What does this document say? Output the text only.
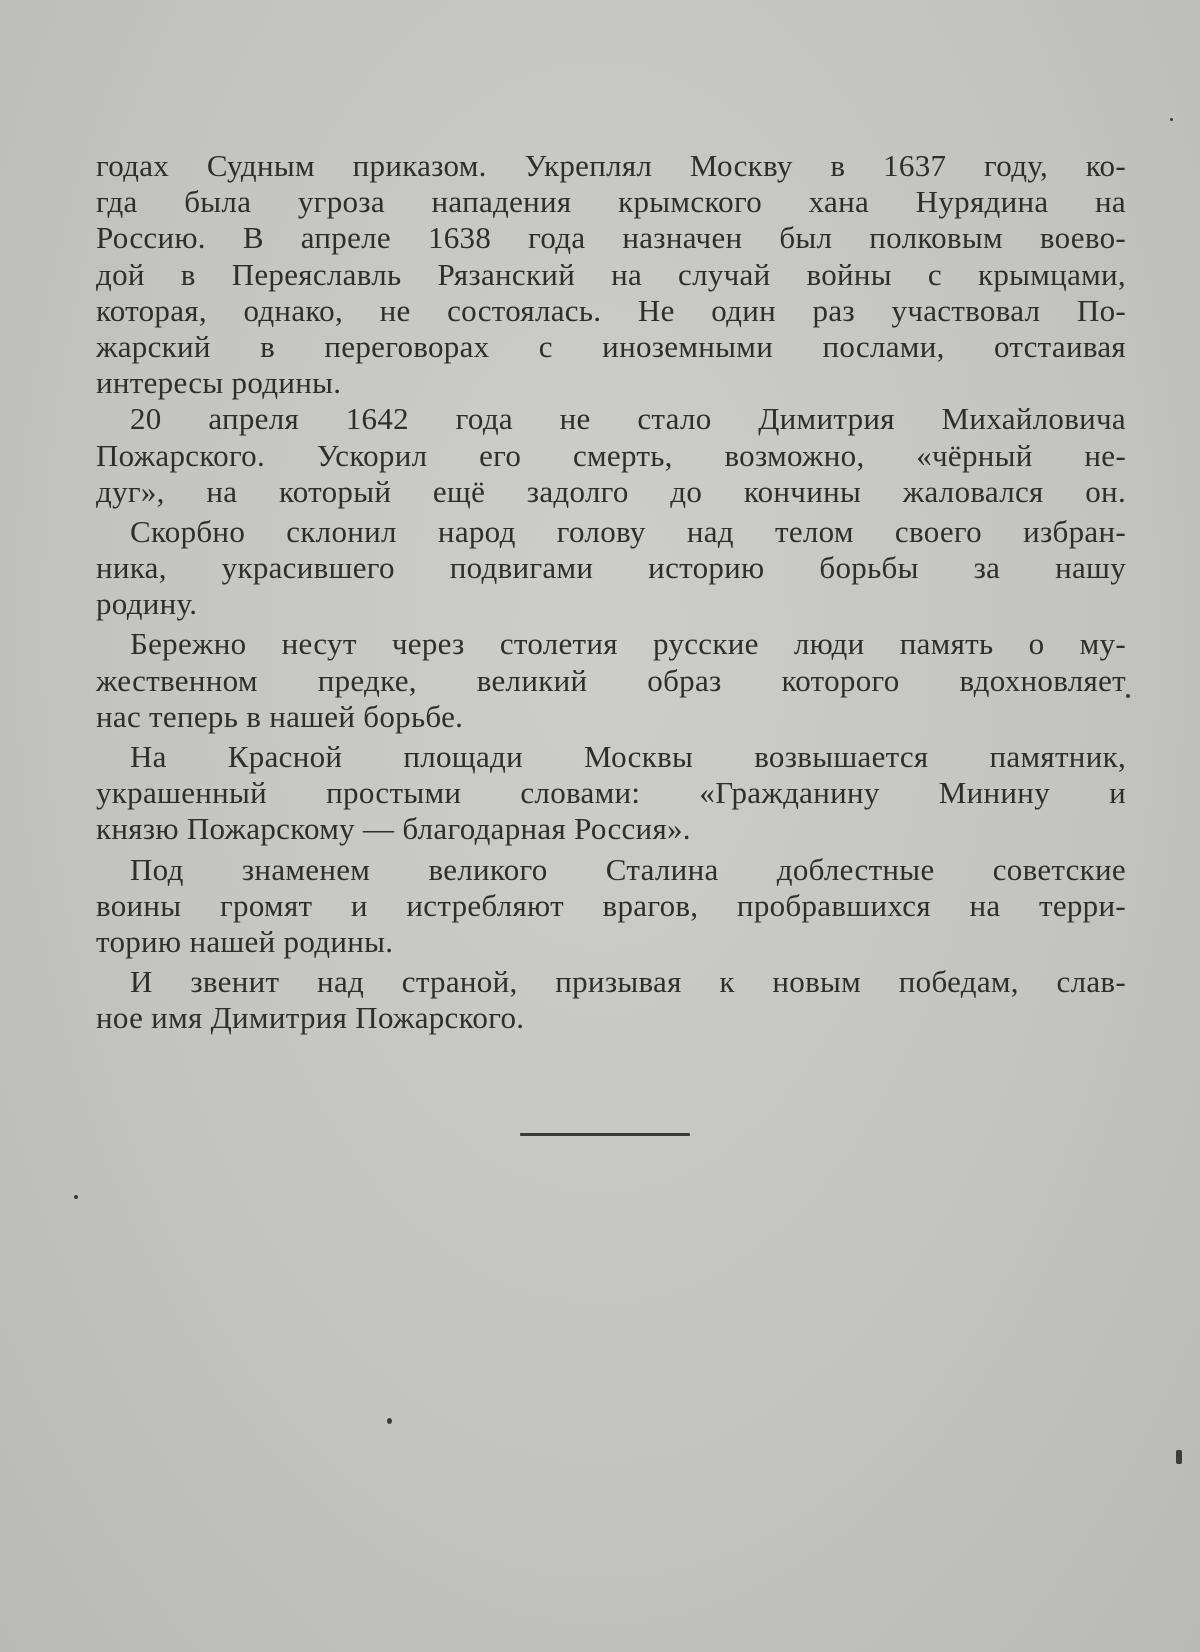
годах Судным приказом. Укреплял Москву в 1637 году, ко-
гда была угроза нападения крымского хана Нурядина на
Россию. В апреле 1638 года назначен был полковым воево-
дой в Переяславль Рязанский на случай войны с крымцами,
которая, однако, не состоялась. Не один раз участвовал По-
жарский в переговорах с иноземными послами, отстаивая
интересы родины.
20 апреля 1642 года не стало Димитрия Михайловича
Пожарского. Ускорил его смерть, возможно, «чёрный не-
дуг», на который ещё задолго до кончины жаловался он.
Скорбно склонил народ голову над телом своего избран-
ника, украсившего подвигами историю борьбы за нашу
родину.
Бережно несут через столетия русские люди память о му-
жественном предке, великий образ которого вдохновляет
нас теперь в нашей борьбе.
На Красной площади Москвы возвышается памятник,
украшенный простыми словами: «Гражданину Минину и
князю Пожарскому — благодарная Россия».
Под знаменем великого Сталина доблестные советские
воины громят и истребляют врагов, пробравшихся на терри-
торию нашей родины.
И звенит над страной, призывая к новым победам, слав-
ное имя Димитрия Пожарского.
